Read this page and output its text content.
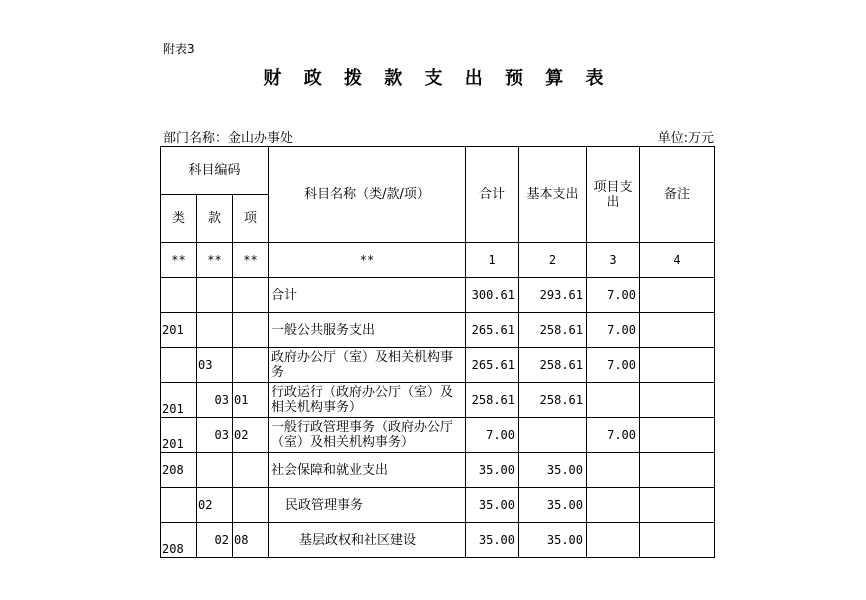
附表3
财 政 拨 款 支 出 预 算 表
部门名称：金山办事处	单位:万元
科目编码			科目名称（类/款/项）	合计	基本支出	项目支出	备注
类	款	项					
**	**	**	**	1	2	3	4
			合计	300.61	293.61	7.00	
201			一般公共服务支出	265.61	258.61	7.00	
	03		政府办公厅（室）及相关机构事务	265.61	258.61	7.00	
201	03	01	行政运行（政府办公厅（室）及相关机构事务）	258.61	258.61		
201	03	02	一般行政管理事务（政府办公厅（室）及相关机构事务）	7.00		7.00	
208			社会保障和就业支出	35.00	35.00		
	02		民政管理事务	35.00	35.00		
208	02	08	基层政权和社区建设	35.00	35.00		
